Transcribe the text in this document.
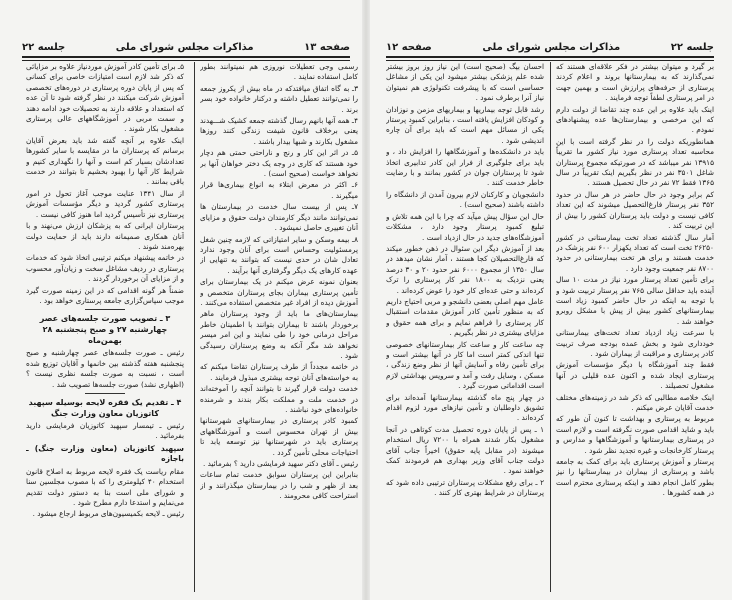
صفحه ۱۳
مذاکرات مجلس شورای ملی
جلسه ۲۲
رسمی وجی تعطیلات نوروزی هم نمیتوانند بطور کامل استفاده نمایند .
۳ـ به گاه اتفاق میافتدکه در ماه بیش از یکروز جمعه را نمی‌توانند تعطیل داشته و درکنار خانواده خود بسر برند .
۴ـ همه آنها بانهم‌ رسال گذشته جمعه‌ کشیک شـــهدند یعنی برخلاف قانون شیفت زندگی کنند روزها مشغول بکارند و شبها بیدار باشند .
۵ـ در اثر این کار و رنج و ناراحتی حمتی هم دچار خود هستند که کاری در وجه یک دختر خواهان آنها بر نخواهد خواست (صحیح است) .
۶ـ اکثر در معرض ابتلاء به انواع بیماری‌ها قرار میگیرند .
۷ـ پس از بیست سال خدمت در بیمارستان ها نمی‌توانند مانند دیگر کارمندان دولت حقوق و مزایای آنان تغییری حاصل نمیشود .
۸ـ بیمه وسکن و سایر امتیازاتی که لازمه چنین شغل پرمسئولیت وحساس است برای آنان وجود ندارد تعادل شان در حدی نیست که بتوانند به تنهایی از عهده کارهای یک دیگر وگرفتاری آنها برآیند .
بعنوان نمونه عرض میکنم در یک بیمارستان برای تأمین پرستاری بیماران بجای پرستاران متخصص و آموزش دیده از افراد غیر متخصص استفاده می‌کنند .
بیمارستان‌های ما باید از وجود پرستاران ماهر برخوردار باشند تا بیماران بتوانند با اطمینان خاطر مراحل درمانی خود را طی نمایند و این امر میسر نخواهد شد مگر آنکه به وضع پرستاران رسیدگی شود .
در خاتمه مجدداً از طرف پرستاران تقاضا میکنم که به خواسته‌های آنان توجه بیشتری مبذول فرمایند .
خدمت دولت قرار گیرند تا بتوانند آنچه را آموخته‌اند در خدمت ملت و مملکت بکار بندند و شرمنده خانواده‌های خود نباشند .
کمبود کادر پرستاری در بیمارستانهای شهرستانها بیش از تهران محسوس است و آموزشگاههای پرستاری باید در شهرستانها نیز توسعه یابد تا احتیاجات محلی تأمین گردد .
رئیس ـ آقای دکتر سهید فرمایشی دارید ؟ بفرمائید .
بنابراین این پرستاران سوابق خدمت تمام ساعات بعد از ظهر و شب را در بیمارستان میگذرانند و از استراحت کافی محرومند .
۵ـ برای تأمین کادر آموزش موردنیاز علاوه بر مزایائی که ذکر شد لازم است امتیازات خاصی برای کسانی که پس از پایان دوره پرستاری در دوره‌های تخصصی آموزش شرکت میکنند در نظر گرفته شود تا آن عده که استعداد و علاقه دارند به تحصیلات خود ادامه دهند و سمت مربی در آموزشگاههای عالی پرستاری مشغول بکار شوند .
اینک علاوه بر آنچه گفته شد باید بعرض آقایان برسانم که پرستاران ما در مقایسه با سایر کشورها تعدادشان بسیار کم است و آنها را نگهداری کنیم و شرایط کار آنها را بهبود بخشیم تا بتوانند در خدمت باقی بمانند .
از سال ۱۳۴۱ عنایت موجب آغاز تحول در امور پرستاری کشور گردید و دیگر مؤسسات آموزش پرستاری نیز تأسیس گردید اما هنوز کافی نیست .
پرستاران ایرانی که به پزشکان ارزش می‌نهند و با آنان همکاری صمیمانه دارند باید از حمایت دولت بهره‌مند شوند .
در خاتمه پیشنهاد میکنم ترتیبی اتخاذ شود که خدمات پرستاری در ردیف مشاغل سخت و زیان‌آور محسوب و از مزایای آن برخوردار گردند .
ضمناً هر گونه اقدامی که در این زمینه صورت گیرد موجب سپاس‌گزاری جامعه پرستاری خواهد بود .
۳ ـ تصویب صورت جلسه‌های عصر چهارشنبه ۲۷ و صبح پنجشنبه ۲۸ بهمن‌ماه
رئیس ـ صورت جلسه‌های عصر چهارشنبه و صبح پنجشنبه هفته گذشته بین خانمها و آقایان توزیع شده است ، نسبت به صورت جلسه نظری نیست ؟ (اظهاری نشد) صورت جلسه‌ها تصویب شد .
۴ ـ تقدیم یک فقره لایحه بوسیله سپهبد کاتوزیان معاون وزارت جنگ
رئیس ـ تیمسار سپهبد کاتوزیان فرمایشی دارید بفرمائید .
سپهبد کاتوزیان (معاون وزارت جنگ) ـ باجازه
مقام ریاست یک فقره لایحه مربوط به اصلاح قانون استخدام ۴۰ کیلومتری را که با مصوب مجلسین سنا و شورای ملی است بنا به دستور دولت تقدیم می‌نمایم و استدعا دارم مطرح شود .
رئیس ـ لایحه بکمیسیون‌های مربوط ارجاع میشود .
جلسه ۲۲
مذاکرات مجلس شورای ملی
صفحه ۱۲
بر گیرد و میتوان بیشتر در فکر علاقه‌ای هستند که نمی‌گذارند که به بیمارستانها بروند و اعلام کردند پرستاری از حرفه‌های پرارزش است و بهمین جهت در امر پرستاری لطفاً توجه فرمایند .
اینک باید علاوه بر این عده چند تقاضا از دولت دارم که این مرخصی و بیمارستان‌ها عده پیشنهادهای نمودم .
همانطوریکه دولت را در نظر گرفته است با این محاسبه تعداد پرستاری مورد نیاز کشور ما تقریباً ۱۳۹۱۵ نفر میباشد که در صورتیکه مجموع پرستاران شاغل ۳۵۰۱ نفر در نظر بگیریم اینک تقریباً در سال ۱۳۶۵ فقط ۷۲ نفر در حال تحصیل هستند .
کم برابر وجود در حال حاضر در هر سال در حدود ۳۵۲ نفر پرستار فارغ‌التحصیل میشوند که این تعداد کافی نیست و دولت باید پرستاران کشور را بیش از این تربیت کند .
آمار سال گذشته تعداد تخت بیمارستانی در کشور ۲۶۲۵۰ تخت است که تعداد یکهزار ۶۰۰ نفر پزشک در خدمت هستند و برای هر تخت بیمارستانی در حدود ۸۷۰۰ نفر جمعیت وجود دارد .
برای تأمین تعداد پرستار مورد نیاز در مدت ۱۰ سال آینده باید حداقل سالی ۷۶۵ نفر پرستار تربیت شود و با توجه به اینکه در حال حاضر کمبود زیاد است بیمارستانهای کشور بیش از پیش با مشکل روبرو خواهند شد .
با سرعت زیاد ازدیاد تعداد تخت‌های بیمارستانی خودداری شود و بخش عمده بودجه صرف تربیت کادر پرستاری و مراقبت از بیماران شود .
فقط چند آموزشگاه با دیگر مؤسسات آموزش پرستاری ایجاد شده و اکنون عده قلیلی در آنها مشغول تحصیلند .
اینک خلاصه مطالبی که ذکر شد در زمینه‌های مختلف خدمت آقایان عرض میکنم .
مربوط به پرستاری و بهداشت تا کنون آن طور که باید و شاید اقدامی صورت نگرفته است و لازم است در پرستاری بیمارستانها و آموزشگاهها و مدارس و پرستار کارخانجات و غیره تجدید نظر شود .
پرستار و آموزش پرستاری باید برای کمک به جامعه باشد و پرستاری از بیماران در بیمارستانها را نیز بطور کامل انجام دهند و اینکه پرستاری محترم است در همه کشورها .
احسان بیگ (صحیح است) این نیاز روز بروز بیشتر شده علم پزشکی بیشتر میشود این یکی از مشاغل حساسی است که با پیشرفت تکنولوژی هم نمیتوان نیاز آنرا برطرف نمود .
رشد قابل توجه بیماریها و بیماریهای مزمن و نوزادان و کودکان افزایش یافته است ، بنابراین کمبود پرستار یکی از مسائل مهم است که باید برای آن چاره اندیشی شود .
باید در دانشکده‌ها و آموزشگاهها را افزایش داد ، و باید برای جلوگیری از فرار این کادر تدابیری اتخاذ شود تا پرستاران جوان در کشور بمانند و با رضایت خاطر خدمت کنند .
دانشجویان و کارکنان لازم بیرون آمدن از دانشگاه را داشته باشند (صحیح است) .
حال این سؤال پیش میآید که چرا با این همه تلاش و تبلیغ کمبود پرستار وجود دارد ، مشکلات آموزشگاه‌های جدید در حال ازدیاد است .
بعد از آموزش دیگر این سئوال در ذهن خطور میکند که فارغ‌التحصیلان کجا هستند ، آمار نشان میدهد در سال ۱۳۵۰ از مجموع ۶۰۰۰ نفر حدود ۲۰ و ۳۰ درصد یعنی نزدیک به ۱۸۰۰ نفر کار پرستاری را ترک کرده‌اند و حتی عده‌ای کار خود را عوض کرده‌اند .
عامل مهم اصلی بعضی دانشجو و مربی احتیاج داریم که به منظور تأمین کادر آموزش مقدمات استقبال کار پرستاری را فراهم نمایم و برای همه حقوق و مزایای بیشتری در نظر بگیریم .
چه ساعت کار و ساعت کار بیمارستانهای خصوصی تنها اندکی کمتر است اما کار در آنها بیشتر است و برای تأمین رفاه و آسایش آنها از نظر وضع زندگی ، مسکن ، وسایل رفت و آمد و سرویس بهداشتی لازم است اقداماتی صورت گیرد .
در چهار پنج ماه گذشته بیمارستانها آمده‌اند برای تشویق داوطلبان و تأمین نیازهای مورد لزوم اقدام کرده‌اند .
۱ ـ پس از پایان دوره تحصیل مدت کوتاهی در آنجا مشغول بکار شدند همراه با ۷۲۰۰ ریال استخدام میشوند (در مقابل پایه حقوق) اخیراً جناب آقای دولت جناب آقای وزیر بهداری هم فرمودند کمک خواهند نمود .
۲ ـ برای رفع مشکلات پرستاران ترتیبی داده شود که پرستاران در شرایط بهتری کار کنند .
